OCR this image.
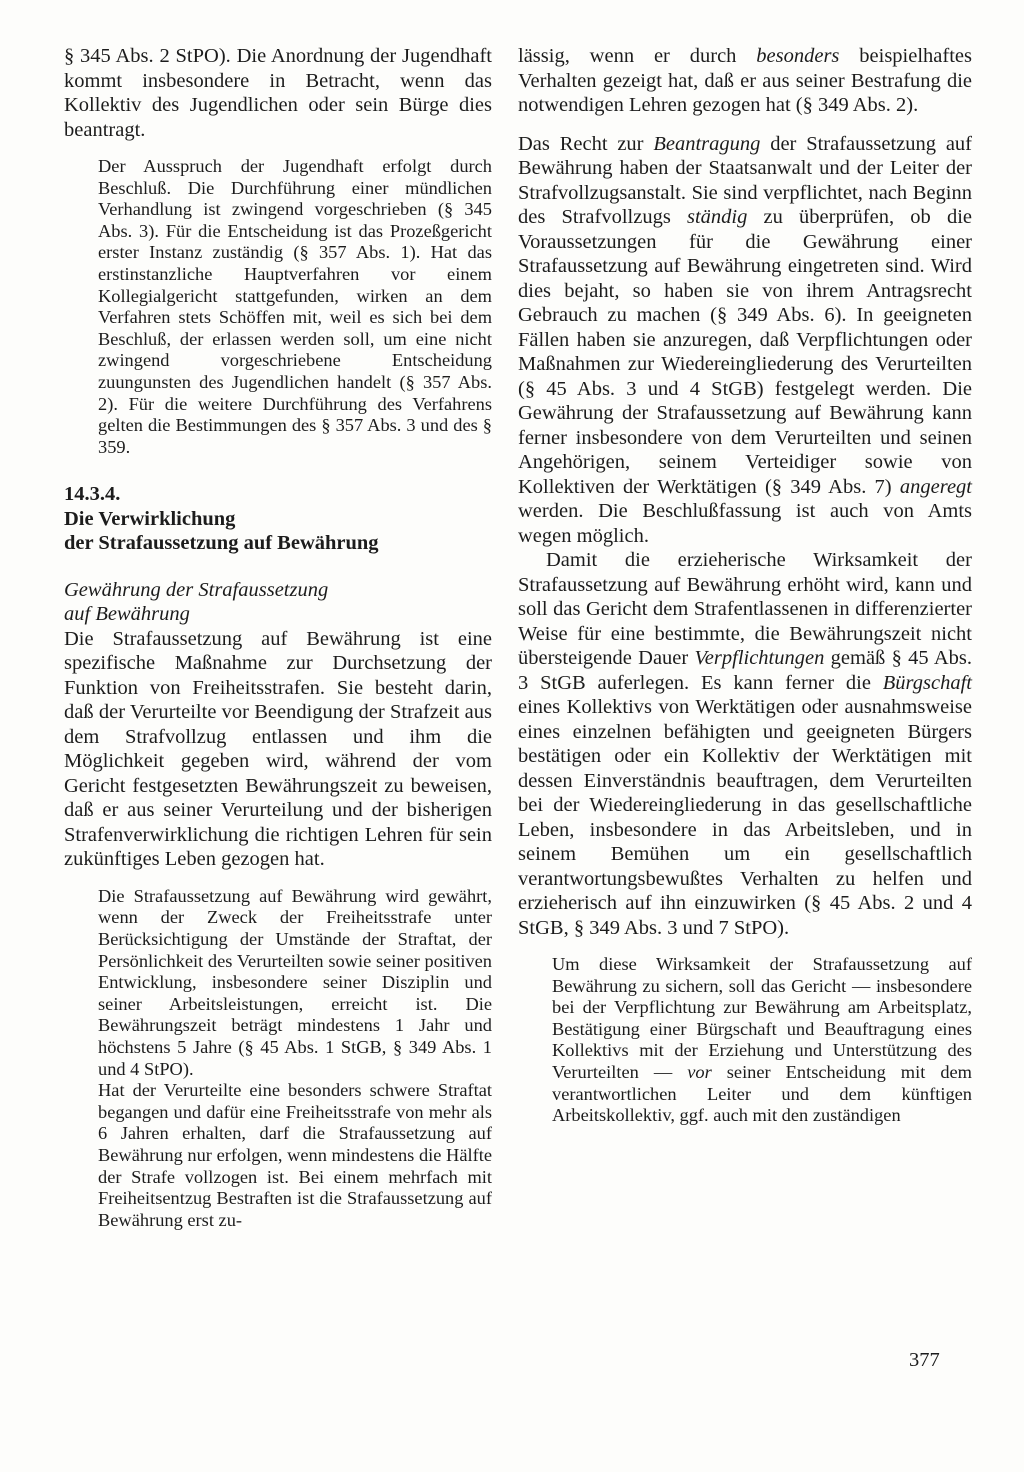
§ 345 Abs. 2 StPO). Die Anordnung der Jugendhaft kommt insbesondere in Betracht, wenn das Kollektiv des Jugendlichen oder sein Bürge dies beantragt.

Der Ausspruch der Jugendhaft erfolgt durch Beschluß. Die Durchführung einer mündlichen Verhandlung ist zwingend vorgeschrieben (§ 345 Abs. 3). Für die Entscheidung ist das Prozeßgericht erster Instanz zuständig (§ 357 Abs. 1). Hat das erstinstanzliche Hauptverfahren vor einem Kollegialgericht stattgefunden, wirken an dem Verfahren stets Schöffen mit, weil es sich bei dem Beschluß, der erlassen werden soll, um eine nicht zwingend vorgeschriebene Entscheidung zuungunsten des Jugendlichen handelt (§ 357 Abs. 2). Für die weitere Durchführung des Verfahrens gelten die Bestimmungen des § 357 Abs. 3 und des § 359.

14.3.4.
Die Verwirklichung
der Strafaussetzung auf Bewährung
Gewährung der Strafaussetzung
auf Bewährung

Die Strafaussetzung auf Bewährung ist eine spezifische Maßnahme zur Durchsetzung der Funktion von Freiheitsstrafen. Sie besteht darin, daß der Verurteilte vor Beendigung der Strafzeit aus dem Strafvollzug entlassen und ihm die Möglichkeit gegeben wird, während der vom Gericht festgesetzten Bewährungszeit zu beweisen, daß er aus seiner Verurteilung und der bisherigen Strafenverwirklichung die richtigen Lehren für sein zukünftiges Leben gezogen hat.

Die Strafaussetzung auf Bewährung wird gewährt, wenn der Zweck der Freiheitsstrafe unter Berücksichtigung der Umstände der Straftat, der Persönlichkeit des Verurteilten sowie seiner positiven Entwicklung, insbesondere seiner Disziplin und seiner Arbeitsleistungen, erreicht ist. Die Bewährungszeit beträgt mindestens 1 Jahr und höchstens 5 Jahre (§ 45 Abs. 1 StGB, § 349 Abs. 1 und 4 StPO).

Hat der Verurteilte eine besonders schwere Straftat begangen und dafür eine Freiheitsstrafe von mehr als 6 Jahren erhalten, darf die Strafaussetzung auf Bewährung nur erfolgen, wenn mindestens die Hälfte der Strafe vollzogen ist. Bei einem mehrfach mit Freiheitsentzug Bestraften ist die Strafaussetzung auf Bewährung erst zu-

lässig, wenn er durch besonders beispielhaftes Verhalten gezeigt hat, daß er aus seiner Bestrafung die notwendigen Lehren gezogen hat (§ 349 Abs. 2).

Das Recht zur Beantragung der Strafaussetzung auf Bewährung haben der Staatsanwalt und der Leiter der Strafvollzugsanstalt. Sie sind verpflichtet, nach Beginn des Strafvollzugs ständig zu überprüfen, ob die Voraussetzungen für die Gewährung einer Strafaussetzung auf Bewährung eingetreten sind. Wird dies bejaht, so haben sie von ihrem Antragsrecht Gebrauch zu machen (§ 349 Abs. 6). In geeigneten Fällen haben sie anzuregen, daß Verpflichtungen oder Maßnahmen zur Wiedereingliederung des Verurteilten (§ 45 Abs. 3 und 4 StGB) festgelegt werden. Die Gewährung der Strafaussetzung auf Bewährung kann ferner insbesondere von dem Verurteilten und seinen Angehörigen, seinem Verteidiger sowie von Kollektiven der Werktätigen (§ 349 Abs. 7) angeregt werden. Die Beschlußfassung ist auch von Amts wegen möglich.

Damit die erzieherische Wirksamkeit der Strafaussetzung auf Bewährung erhöht wird, kann und soll das Gericht dem Strafentlassenen in differenzierter Weise für eine bestimmte, die Bewährungszeit nicht übersteigende Dauer Verpflichtungen gemäß § 45 Abs. 3 StGB auferlegen. Es kann ferner die Bürgschaft eines Kollektivs von Werktätigen oder ausnahmsweise eines einzelnen befähigten und geeigneten Bürgers bestätigen oder ein Kollektiv der Werktätigen mit dessen Einverständnis beauftragen, dem Verurteilten bei der Wiedereingliederung in das gesellschaftliche Leben, insbesondere in das Arbeitsleben, und in seinem Bemühen um ein gesellschaftlich verantwortungsbewußtes Verhalten zu helfen und erzieherisch auf ihn einzuwirken (§ 45 Abs. 2 und 4 StGB, § 349 Abs. 3 und 7 StPO).

Um diese Wirksamkeit der Strafaussetzung auf Bewährung zu sichern, soll das Gericht — insbesondere bei der Verpflichtung zur Bewährung am Arbeitsplatz, Bestätigung einer Bürgschaft und Beauftragung eines Kollektivs mit der Erziehung und Unterstützung des Verurteilten — vor seiner Entscheidung mit dem verantwortlichen Leiter und dem künftigen Arbeitskollektiv, ggf. auch mit den zuständigen

377
